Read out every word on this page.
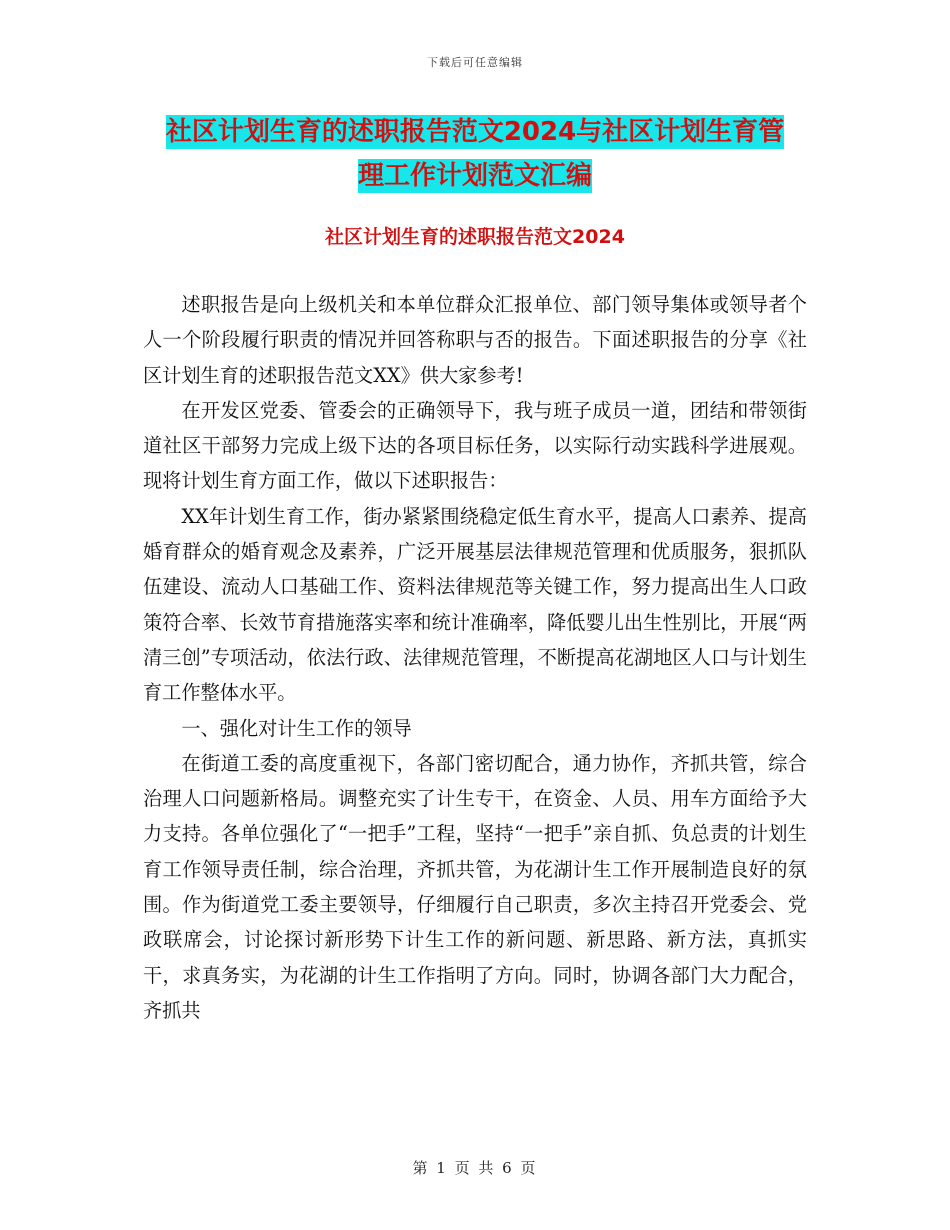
下载后可任意编辑
社区计划生育的述职报告范文2024与社区计划生育管
理工作计划范文汇编
社区计划生育的述职报告范文2024

述职报告是向上级机关和本单位群众汇报单位、部门领导集体或领导者个人一个阶段履行职责的情况并回答称职与否的报告。下面述职报告的分享《社区计划生育的述职报告范文XX》供大家参考!

在开发区党委、管委会的正确领导下，我与班子成员一道，团结和带领街道社区干部努力完成上级下达的各项目标任务，以实际行动实践科学进展观。现将计划生育方面工作，做以下述职报告：

XX年计划生育工作，街办紧紧围绕稳定低生育水平，提高人口素养、提高婚育群众的婚育观念及素养，广泛开展基层法律规范管理和优质服务，狠抓队伍建设、流动人口基础工作、资料法律规范等关键工作，努力提高出生人口政策符合率、长效节育措施落实率和统计准确率，降低婴儿出生性别比，开展“两清三创”专项活动，依法行政、法律规范管理，不断提高花湖地区人口与计划生育工作整体水平。

一、强化对计生工作的领导

在街道工委的高度重视下，各部门密切配合，通力协作，齐抓共管，综合治理人口问题新格局。调整充实了计生专干，在资金、人员、用车方面给予大力支持。各单位强化了“一把手”工程，坚持“一把手”亲自抓、负总责的计划生育工作领导责任制，综合治理，齐抓共管，为花湖计生工作开展制造良好的氛围。作为街道党工委主要领导，仔细履行自己职责，多次主持召开党委会、党政联席会，讨论探讨新形势下计生工作的新问题、新思路、新方法，真抓实干，求真务实，为花湖的计生工作指明了方向。同时，协调各部门大力配合，齐抓共

第 1 页 共 6 页
